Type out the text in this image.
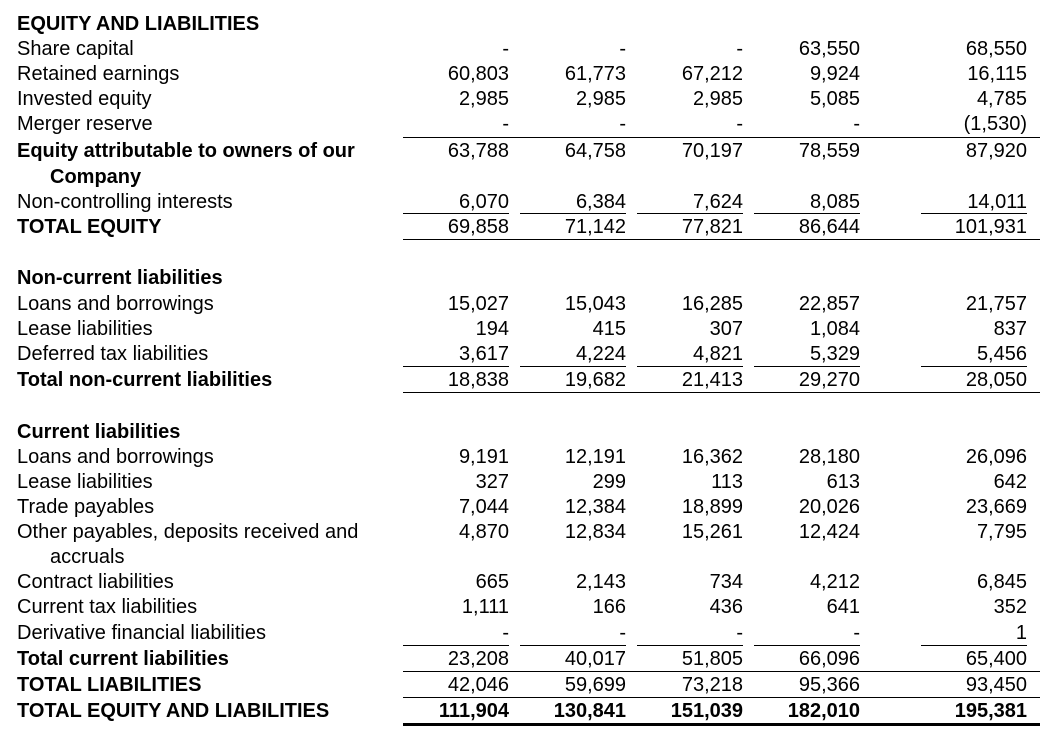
EQUITY AND LIABILITIES
Share capital	-	-	-	63,550	68,550
Retained earnings	60,803	61,773	67,212	9,924	16,115
Invested equity	2,985	2,985	2,985	5,085	4,785
Merger reserve	-	-	-	-	(1,530)
Equity attributable to owners of our	63,788	64,758	70,197	78,559	87,920
Company
Non-controlling interests	6,070	6,384	7,624	8,085	14,011
TOTAL EQUITY	69,858	71,142	77,821	86,644	101,931
Non-current liabilities
Loans and borrowings	15,027	15,043	16,285	22,857	21,757
Lease liabilities	194	415	307	1,084	837
Deferred tax liabilities	3,617	4,224	4,821	5,329	5,456
Total non-current liabilities	18,838	19,682	21,413	29,270	28,050
Current liabilities
Loans and borrowings	9,191	12,191	16,362	28,180	26,096
Lease liabilities	327	299	113	613	642
Trade payables	7,044	12,384	18,899	20,026	23,669
Other payables, deposits received and	4,870	12,834	15,261	12,424	7,795
accruals
Contract liabilities	665	2,143	734	4,212	6,845
Current tax liabilities	1,111	166	436	641	352
Derivative financial liabilities	-	-	-	-	1
Total current liabilities	23,208	40,017	51,805	66,096	65,400
TOTAL LIABILITIES	42,046	59,699	73,218	95,366	93,450
TOTAL EQUITY AND LIABILITIES	111,904	130,841	151,039	182,010	195,381
